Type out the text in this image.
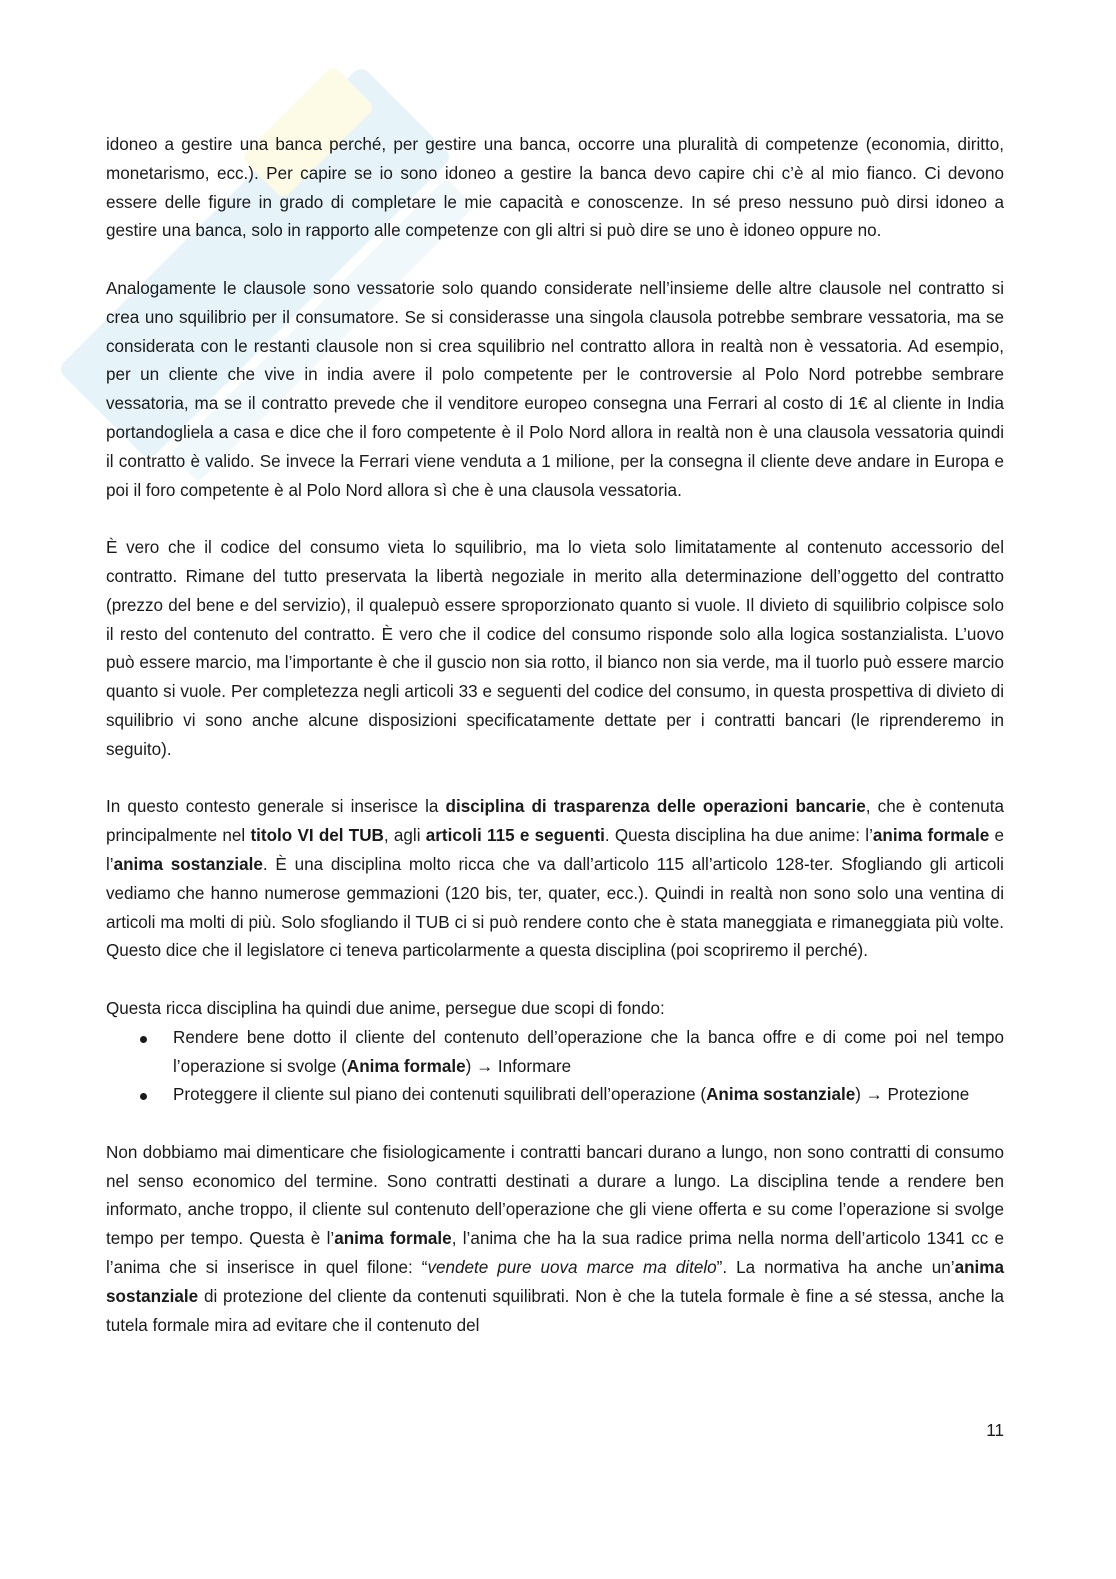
idoneo a gestire una banca perché, per gestire una banca, occorre una pluralità di competenze (economia, diritto, monetarismo, ecc.). Per capire se io sono idoneo a gestire la banca devo capire chi c’è al mio fianco. Ci devono essere delle figure in grado di completare le mie capacità e conoscenze. In sé preso nessuno può dirsi idoneo a gestire una banca, solo in rapporto alle competenze con gli altri si può dire se uno è idoneo oppure no.

Analogamente le clausole sono vessatorie solo quando considerate nell’insieme delle altre clausole nel contratto si crea uno squilibrio per il consumatore. Se si considerasse una singola clausola potrebbe sembrare vessatoria, ma se considerata con le restanti clausole non si crea squilibrio nel contratto allora in realtà non è vessatoria. Ad esempio, per un cliente che vive in india avere il polo competente per le controversie al Polo Nord potrebbe sembrare vessatoria, ma se il contratto prevede che il venditore europeo consegna una Ferrari al costo di 1€ al cliente in India portandogliela a casa e dice che il foro competente è il Polo Nord allora in realtà non è una clausola vessatoria quindi il contratto è valido. Se invece la Ferrari viene venduta a 1 milione, per la consegna il cliente deve andare in Europa e poi il foro competente è al Polo Nord allora sì che è una clausola vessatoria.

È vero che il codice del consumo vieta lo squilibrio, ma lo vieta solo limitatamente al contenuto accessorio del contratto. Rimane del tutto preservata la libertà negoziale in merito alla determinazione dell’oggetto del contratto (prezzo del bene e del servizio), il qualepuò essere sproporzionato quanto si vuole. Il divieto di squilibrio colpisce solo il resto del contenuto del contratto. È vero che il codice del consumo risponde solo alla logica sostanzialista. L’uovo può essere marcio, ma l’importante è che il guscio non sia rotto, il bianco non sia verde, ma il tuorlo può essere marcio quanto si vuole. Per completezza negli articoli 33 e seguenti del codice del consumo, in questa prospettiva di divieto di squilibrio vi sono anche alcune disposizioni specificatamente dettate per i contratti bancari (le riprenderemo in seguito).

In questo contesto generale si inserisce la disciplina di trasparenza delle operazioni bancarie, che è contenuta principalmente nel titolo VI del TUB, agli articoli 115 e seguenti. Questa disciplina ha due anime: l’anima formale e l’anima sostanziale. È una disciplina molto ricca che va dall’articolo 115 all’articolo 128-ter. Sfogliando gli articoli vediamo che hanno numerose gemmazioni (120 bis, ter, quater, ecc.). Quindi in realtà non sono solo una ventina di articoli ma molti di più. Solo sfogliando il TUB ci si può rendere conto che è stata maneggiata e rimaneggiata più volte. Questo dice che il legislatore ci teneva particolarmente a questa disciplina (poi scopriremo il perché).

Questa ricca disciplina ha quindi due anime, persegue due scopi di fondo:

Rendere bene dotto il cliente del contenuto dell’operazione che la banca offre e di come poi nel tempo l’operazione si svolge (Anima formale) → Informare
Proteggere il cliente sul piano dei contenuti squilibrati dell’operazione (Anima sostanziale) → Protezione

Non dobbiamo mai dimenticare che fisiologicamente i contratti bancari durano a lungo, non sono contratti di consumo nel senso economico del termine. Sono contratti destinati a durare a lungo. La disciplina tende a rendere ben informato, anche troppo, il cliente sul contenuto dell’operazione che gli viene offerta e su come l’operazione si svolge tempo per tempo. Questa è l’anima formale, l’anima che ha la sua radice prima nella norma dell’articolo 1341 cc e l’anima che si inserisce in quel filone: “vendete pure uova marce ma ditelo”. La normativa ha anche un’anima sostanziale di protezione del cliente da contenuti squilibrati. Non è che la tutela formale è fine a sé stessa, anche la tutela formale mira ad evitare che il contenuto del

11
